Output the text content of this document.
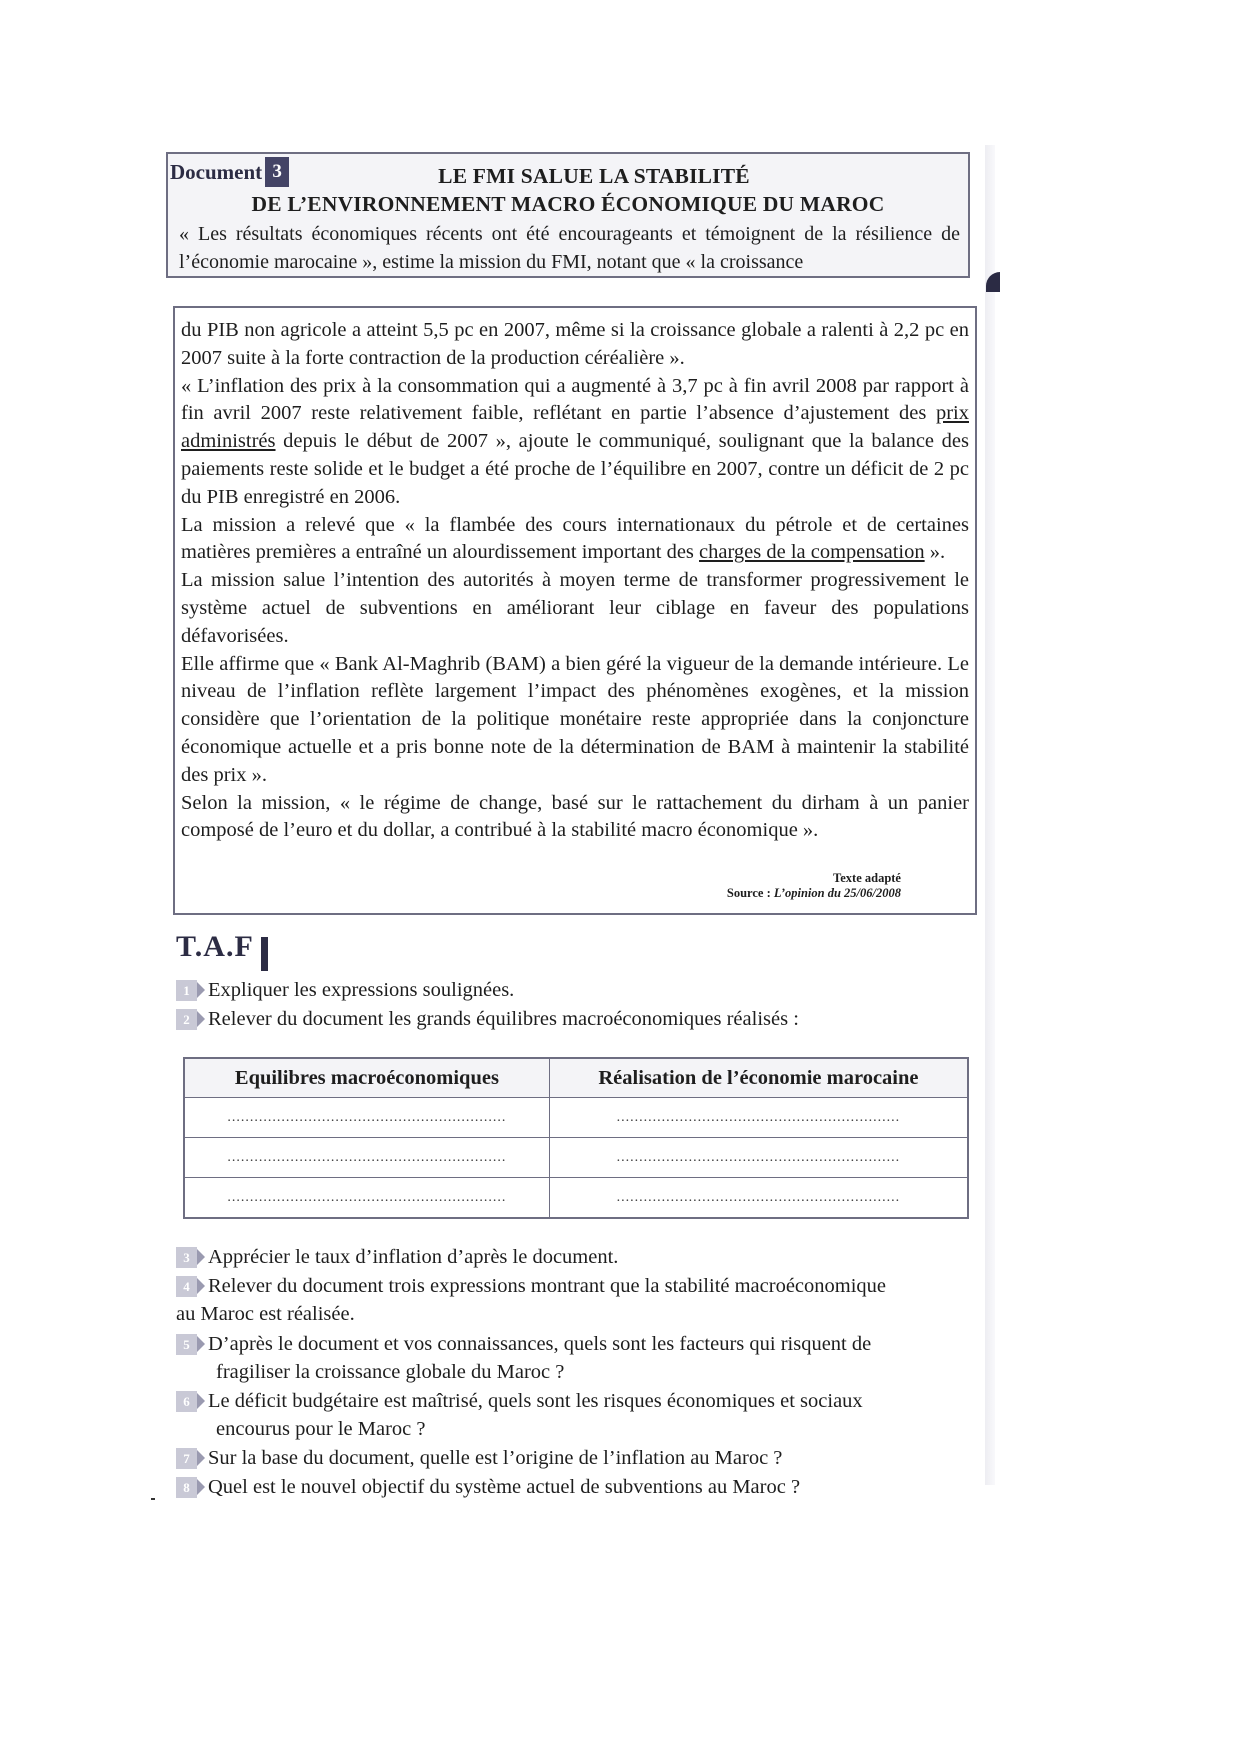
Document 3	LE FMI SALUE LA STABILITÉ
DE L’ENVIRONNEMENT MACRO ÉCONOMIQUE DU MAROC
« Les résultats économiques récents ont été encourageants et témoignent de la résilience de l’économie marocaine », estime la mission du FMI, notant que « la croissance

du PIB non agricole a atteint 5,5 pc en 2007, même si la croissance globale a ralenti à 2,2 pc en 2007 suite à la forte contraction de la production céréalière ».

« L’inflation des prix à la consommation qui a augmenté à 3,7 pc à fin avril 2008 par rapport à fin avril 2007 reste relativement faible, reflétant en partie l’absence d’ajustement des prix administrés depuis le début de 2007 », ajoute le communiqué, soulignant que la balance des paiements reste solide et le budget a été proche de l’équilibre en 2007, contre un déficit de 2 pc du PIB enregistré en 2006.

La mission a relevé que « la flambée des cours internationaux du pétrole et de certaines matières premières a entraîné un alourdissement important des charges de la compensation ».

La mission salue l’intention des autorités à moyen terme de transformer progressivement le système actuel de subventions en améliorant leur ciblage en faveur des populations défavorisées.

Elle affirme que « Bank Al-Maghrib (BAM) a bien géré la vigueur de la demande intérieure. Le niveau de l’inflation reflète largement l’impact des phénomènes exogènes, et la mission considère que l’orientation de la politique monétaire reste appropriée dans la conjoncture économique actuelle et a pris bonne note de la détermination de BAM à maintenir la stabilité des prix ».

Selon la mission, « le régime de change, basé sur le rattachement du dirham à un panier composé de l’euro et du dollar, a contribué à la stabilité macro économique ».

Texte adapté
Source : L’opinion du 25/06/2008
T.A.F
1 Expliquer les expressions soulignées.
2 Relever du document les grands équilibres macroéconomiques réalisés :
Equilibres macroéconomiques	Réalisation de l’économie marocaine
..............................................................	...............................................................
..............................................................	...............................................................
..............................................................	...............................................................
3 Apprécier le taux d’inflation d’après le document.
4 Relever du document trois expressions montrant que la stabilité macroéconomique
au Maroc est réalisée.
5 D’après le document et vos connaissances, quels sont les facteurs qui risquent de
fragiliser la croissance globale du Maroc ?
6 Le déficit budgétaire est maîtrisé, quels sont les risques économiques et sociaux
encourus pour le Maroc ?
7 Sur la base du document, quelle est l’origine de l’inflation au Maroc ?
8 Quel est le nouvel objectif du système actuel de subventions au Maroc ?
